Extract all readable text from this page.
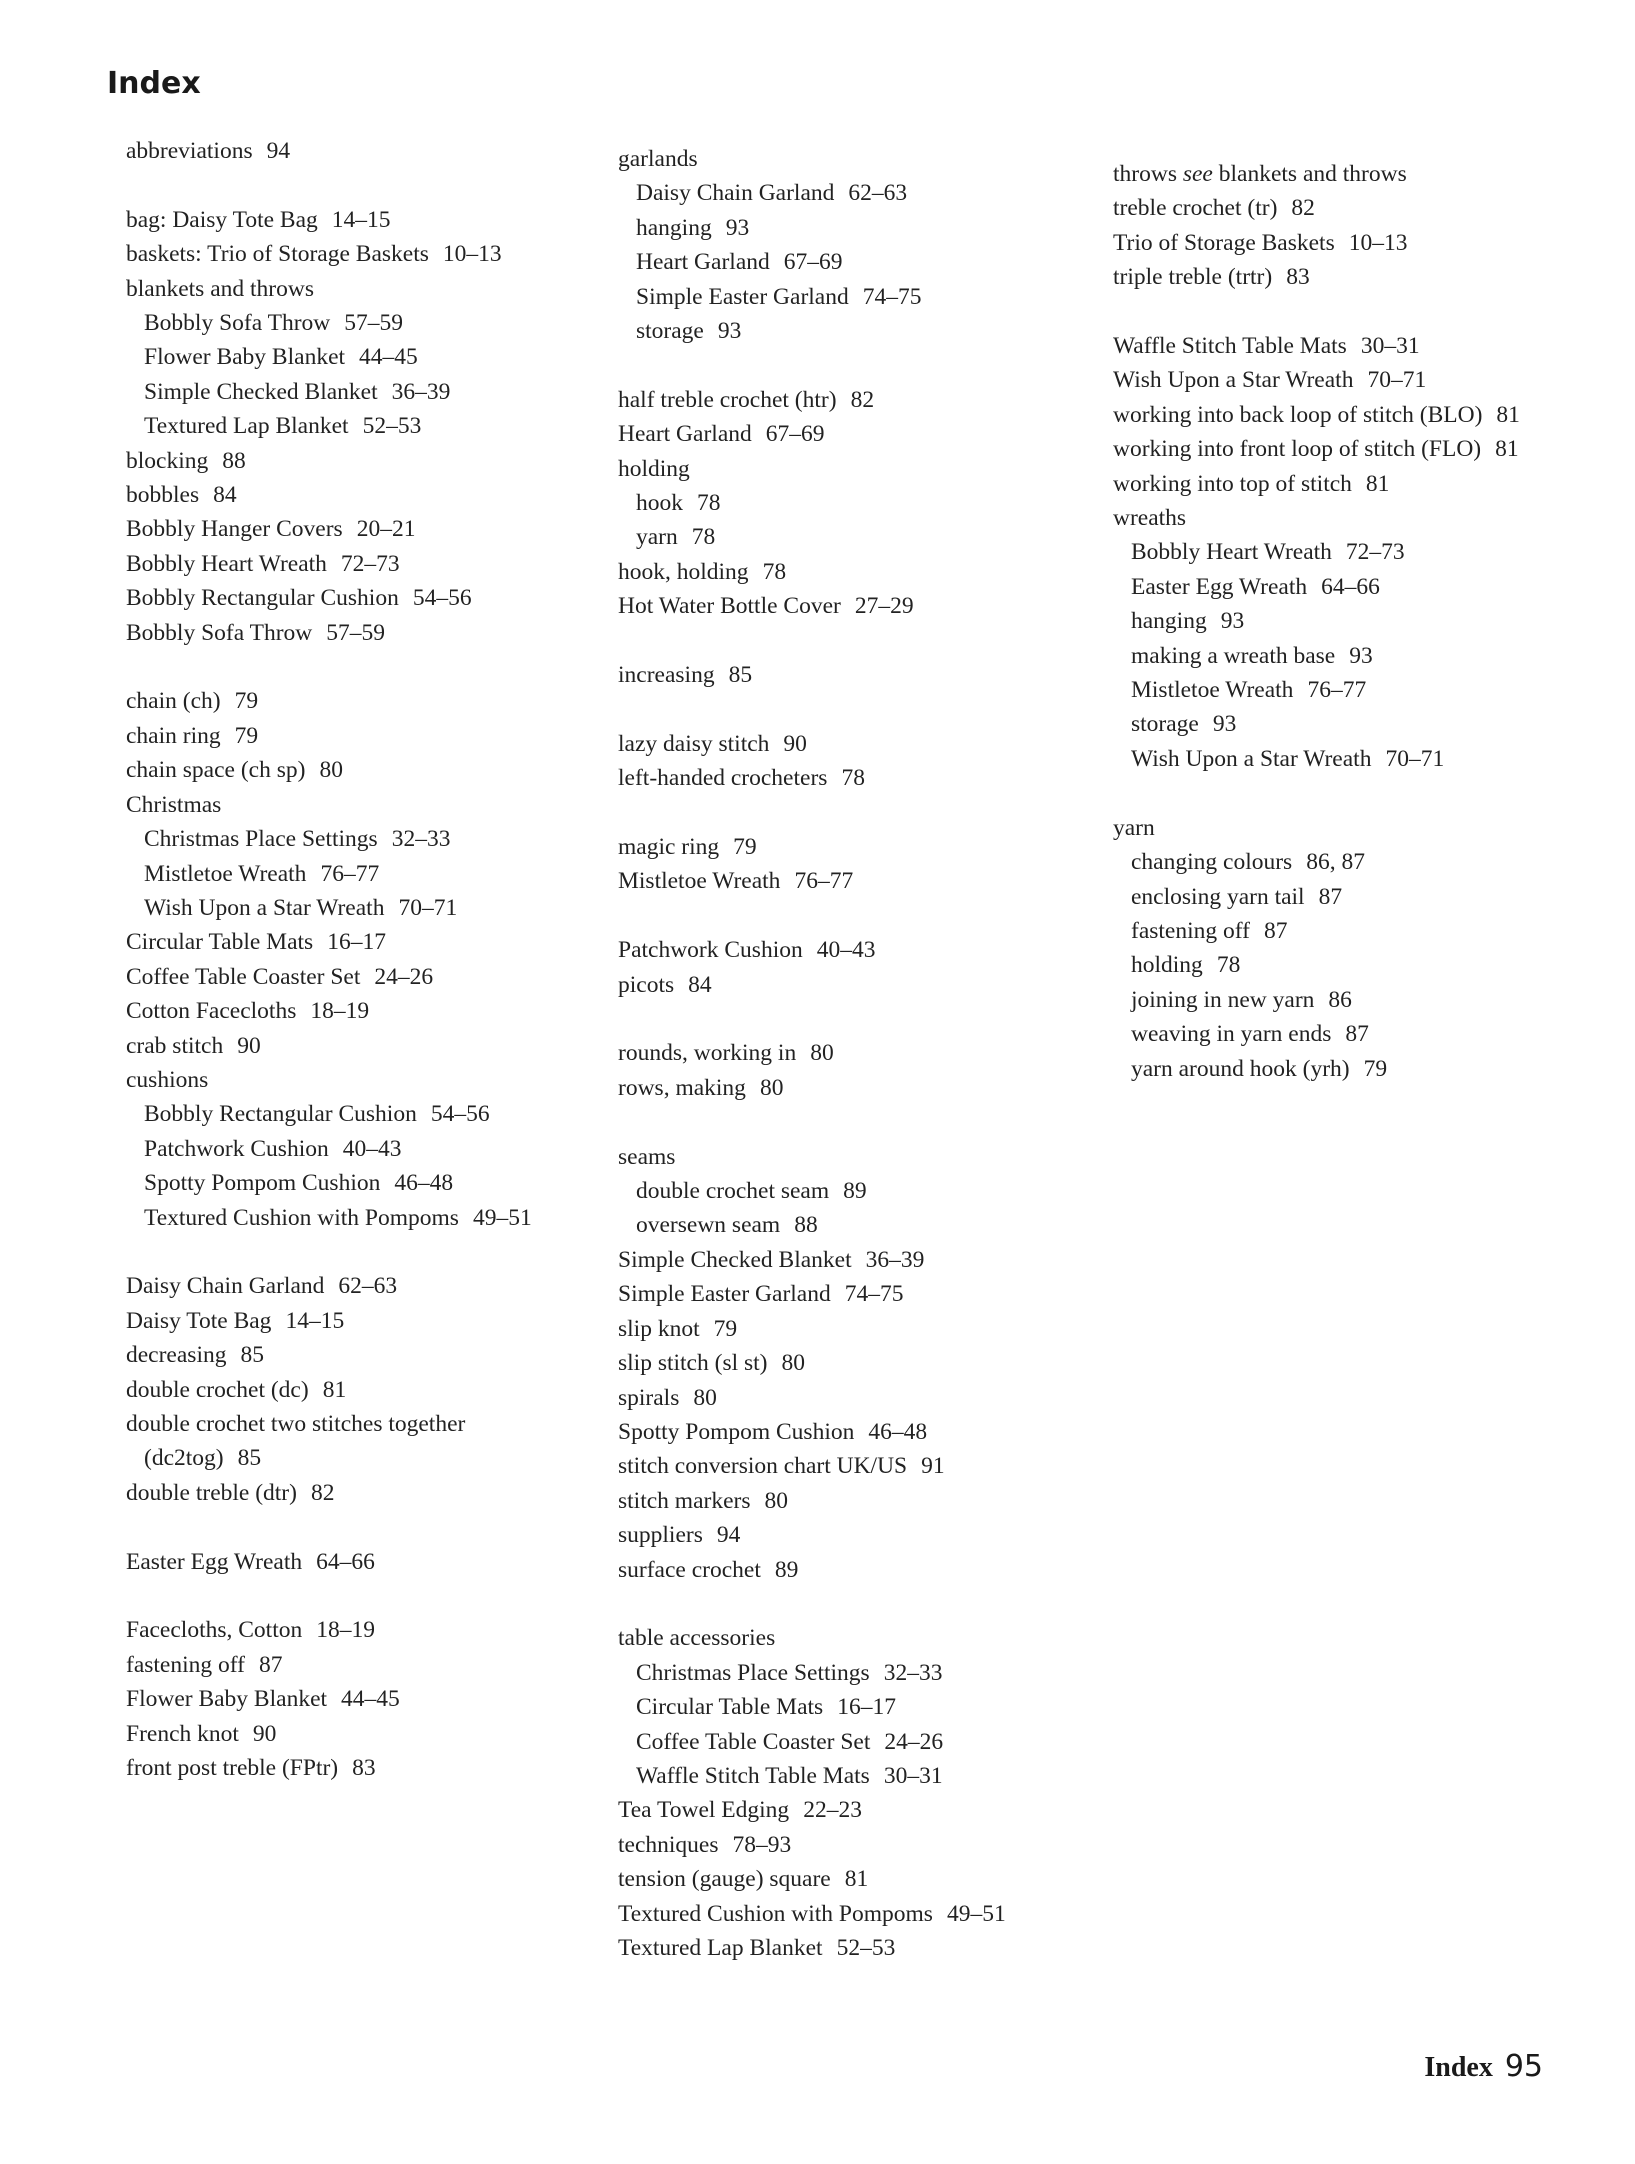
Index
abbreviations 94
bag: Daisy Tote Bag 14–15
baskets: Trio of Storage Baskets 10–13
blankets and throws
Bobbly Sofa Throw 57–59
Flower Baby Blanket 44–45
Simple Checked Blanket 36–39
Textured Lap Blanket 52–53
blocking 88
bobbles 84
Bobbly Hanger Covers 20–21
Bobbly Heart Wreath 72–73
Bobbly Rectangular Cushion 54–56
Bobbly Sofa Throw 57–59
chain (ch) 79
chain ring 79
chain space (ch sp) 80
Christmas
Christmas Place Settings 32–33
Mistletoe Wreath 76–77
Wish Upon a Star Wreath 70–71
Circular Table Mats 16–17
Coffee Table Coaster Set 24–26
Cotton Facecloths 18–19
crab stitch 90
cushions
Bobbly Rectangular Cushion 54–56
Patchwork Cushion 40–43
Spotty Pompom Cushion 46–48
Textured Cushion with Pompoms 49–51
Daisy Chain Garland 62–63
Daisy Tote Bag 14–15
decreasing 85
double crochet (dc) 81
double crochet two stitches together
(dc2tog) 85
double treble (dtr) 82
Easter Egg Wreath 64–66
Facecloths, Cotton 18–19
fastening off 87
Flower Baby Blanket 44–45
French knot 90
front post treble (FPtr) 83
garlands
Daisy Chain Garland 62–63
hanging 93
Heart Garland 67–69
Simple Easter Garland 74–75
storage 93
half treble crochet (htr) 82
Heart Garland 67–69
holding
hook 78
yarn 78
hook, holding 78
Hot Water Bottle Cover 27–29
increasing 85
lazy daisy stitch 90
left-handed crocheters 78
magic ring 79
Mistletoe Wreath 76–77
Patchwork Cushion 40–43
picots 84
rounds, working in 80
rows, making 80
seams
double crochet seam 89
oversewn seam 88
Simple Checked Blanket 36–39
Simple Easter Garland 74–75
slip knot 79
slip stitch (sl st) 80
spirals 80
Spotty Pompom Cushion 46–48
stitch conversion chart UK/US 91
stitch markers 80
suppliers 94
surface crochet 89
table accessories
Christmas Place Settings 32–33
Circular Table Mats 16–17
Coffee Table Coaster Set 24–26
Waffle Stitch Table Mats 30–31
Tea Towel Edging 22–23
techniques 78–93
tension (gauge) square 81
Textured Cushion with Pompoms 49–51
Textured Lap Blanket 52–53
throws see blankets and throws
treble crochet (tr) 82
Trio of Storage Baskets 10–13
triple treble (trtr) 83
Waffle Stitch Table Mats 30–31
Wish Upon a Star Wreath 70–71
working into back loop of stitch (BLO) 81
working into front loop of stitch (FLO) 81
working into top of stitch 81
wreaths
Bobbly Heart Wreath 72–73
Easter Egg Wreath 64–66
hanging 93
making a wreath base 93
Mistletoe Wreath 76–77
storage 93
Wish Upon a Star Wreath 70–71
yarn
changing colours 86, 87
enclosing yarn tail 87
fastening off 87
holding 78
joining in new yarn 86
weaving in yarn ends 87
yarn around hook (yrh) 79
Index 95
